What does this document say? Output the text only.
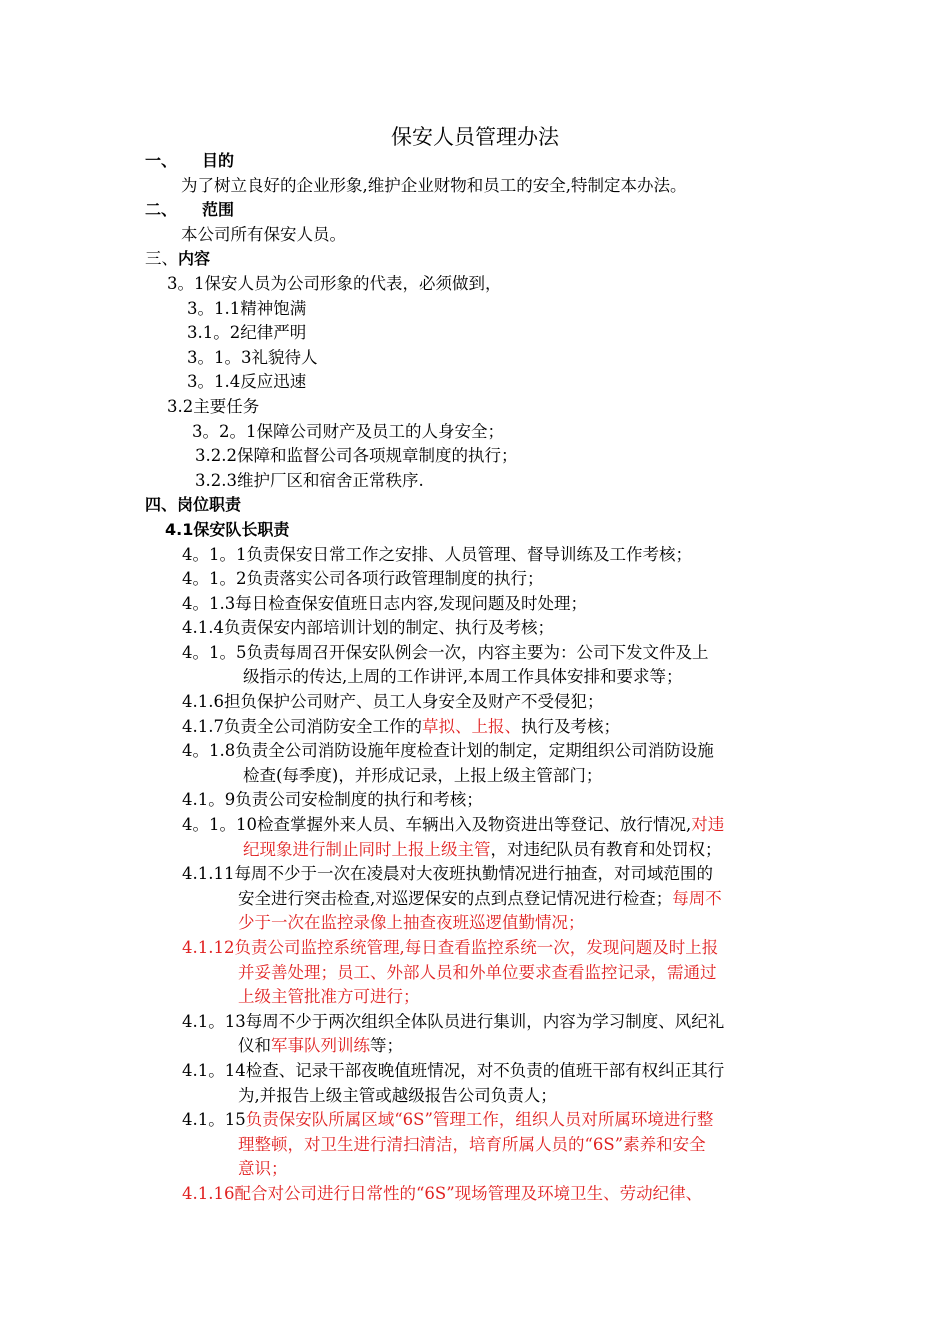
保安人员管理办法
一、 目的

为了树立良好的企业形象,维护企业财物和员工的安全,特制定本办法。
二、 范围

本公司所有保安人员。
三、内容
3。1保安人员为公司形象的代表，必须做到，
3。1.1精神饱满
3.1。2纪律严明
3。1。3礼貌待人
3。1.4反应迅速
3.2主要任务
3。2。1保障公司财产及员工的人身安全；
3.2.2保障和监督公司各项规章制度的执行；
3.2.3维护厂区和宿舍正常秩序.
四、岗位职责
4.1保安队长职责
4。1。1负责保安日常工作之安排、人员管理、督导训练及工作考核；
4。1。2负责落实公司各项行政管理制度的执行；
4。1.3每日检查保安值班日志内容,发现问题及时处理；
4.1.4负责保安内部培训计划的制定、执行及考核；
4。1。5负责每周召开保安队例会一次，内容主要为：公司下发文件及上
级指示的传达,上周的工作讲评,本周工作具体安排和要求等；
4.1.6担负保护公司财产、员工人身安全及财产不受侵犯；
4.1.7负责全公司消防安全工作的草拟、上报、执行及考核；
4。1.8负责全公司消防设施年度检查计划的制定，定期组织公司消防设施
检查(每季度)，并形成记录，上报上级主管部门；
4.1。9负责公司安检制度的执行和考核；
4。1。10检查掌握外来人员、车辆出入及物资进出等登记、放行情况,对违
纪现象进行制止同时上报上级主管，对违纪队员有教育和处罚权；
4.1.11每周不少于一次在凌晨对大夜班执勤情况进行抽查，对司域范围的
安全进行突击检查,对巡逻保安的点到点登记情况进行检查；每周不
少于一次在监控录像上抽查夜班巡逻值勤情况；
4.1.12负责公司监控系统管理,每日查看监控系统一次，发现问题及时上报
并妥善处理；员工、外部人员和外单位要求查看监控记录，需通过
上级主管批准方可进行；
4.1。13每周不少于两次组织全体队员进行集训，内容为学习制度、风纪礼
仪和军事队列训练等；
4.1。14检查、记录干部夜晚值班情况，对不负责的值班干部有权纠正其行
为,并报告上级主管或越级报告公司负责人；
4.1。15负责保安队所属区域“6S”管理工作，组织人员对所属环境进行整
理整顿，对卫生进行清扫清洁，培育所属人员的“6S”素养和安全
意识；
4.1.16配合对公司进行日常性的“6S”现场管理及环境卫生、劳动纪律、
